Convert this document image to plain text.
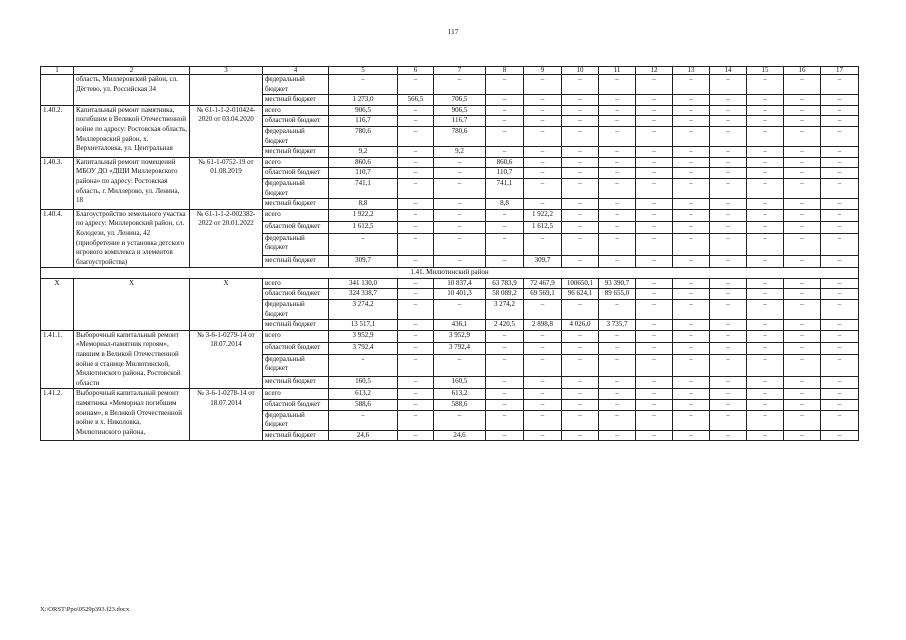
117
1	2	3	4	5	6	7	8	9	10	11	12	13	14	15	16	17
	область, Миллеровский район, сл. Дёгтево, ул. Российская 34		федеральный бюджет	–	–	–	–	–	–	–	–	–	–	–	–	–
			местный бюджет	1 273,0	566,5	706,5	–	–	–	–	–	–	–	–	–	–
1.40.2.	Капитальный ремонт памятника, погибшим в Великой Отечественной войне по адресу: Ростовская область, Миллеровский район, х. Верхнеталовка, ул. Центральная	№ 61-1-1-2-010424-2020 от 03.04.2020	всего	906,5	–	906,5	–	–	–	–	–	–	–	–	–	–
			областной бюджет	116,7	–	116,7	–	–	–	–	–	–	–	–	–	–
			федеральный бюджет	780,6	–	780,6	–	–	–	–	–	–	–	–	–	–
			местный бюджет	9,2	–	9,2	–	–	–	–	–	–	–	–	–	–
1.40.3.	Капитальный ремонт помещений МБОУ ДО «ДШИ Миллеровского района» по адресу: Ростовская область, г. Миллерово, ул. Ленина, 18	№ 61-1-0752-19 от 01.08.2019	всего	860,6	–	–	860,6	–	–	–	–	–	–	–	–	–
			областной бюджет	110,7	–	–	110,7	–	–	–	–	–	–	–	–	–
			федеральный бюджет	741,1	–	–	741,1	–	–	–	–	–	–	–	–	–
			местный бюджет	8,8	–	–	8,8	–	–	–	–	–	–	–	–	–
1.40.4.	Благоустройство земельного участка по адресу: Миллеровский район, сл. Колодези, ул. Ленина, 42 (приобретение и установка детского игрового комплекса и элементов благоустройства)	№ 61-1-1-2-002382-2022 от 20.01.2022	всего	1 922,2	–	–	–	1 922,2	–	–	–	–	–	–	–	–
			областной бюджет	1 612,5	–	–	–	1 612,5	–	–	–	–	–	–	–	–
			федеральный бюджет	–	–	–	–	–	–	–	–	–	–	–	–	–
			местный бюджет	309,7	–	–	–	309,7	–	–	–	–	–	–	–	–
1.41. Милютинский район																
X	X	X	всего	341 130,0	–	10 837,4	63 783,9	72 467,9	100650,1	93 390,7	–	–	–	–	–	–
			областной бюджет	324 338,7	–	10 401,3	58 089,2	69 569,1	96 624,1	89 655,0	–	–	–	–	–	–
			федеральный бюджет	3 274,2	–	–	3 274,2	–	–	–	–	–	–	–	–	–
			местный бюджет	13 517,1	–	436,1	2 420,5	2 898,8	4 026,0	3 735,7	–	–	–	–	–	–
1.41.1.	Выборочный капитальный ремонт «Мемориал-памятник героям», павшим в Великой Отечественной войне в станице Милютинской, Милютинского района, Ростовской области	№ 3-6-1-0279-14 от 18.07.2014	всего	3 952,9	–	3 952,9	–	–	–	–	–	–	–	–	–	–
			областной бюджет	3 792,4	–	3 792,4	–	–	–	–	–	–	–	–	–	–
			федеральный бюджет	-	–	–	–	–	–	–	–	–	–	–	–	–
			местный бюджет	160,5	–	160,5	–	–	–	–	–	–	–	–	–	–
1.41.2.	Выборочный капитальный ремонт памятника «Мемориал погибшим воинам», в Великой Отечественной войне в х. Николовка, Милютинского района,	№ 3-6-1-0278-14 от 18.07.2014	всего	613,2	–	613,2	–	–	–	–	–	–	–	–	–	–
			областной бюджет	588,6	–	588,6	–	–	–	–	–	–	–	–	–	–
			федеральный бюджет	–	–	–	–	–	–	–	–	–	–	–	–	–
			местный бюджет	24,6	–	24,6	–	–	–	–	–	–	–	–	–	–
X:\ORST\Ppo\0529p393.f23.docx
